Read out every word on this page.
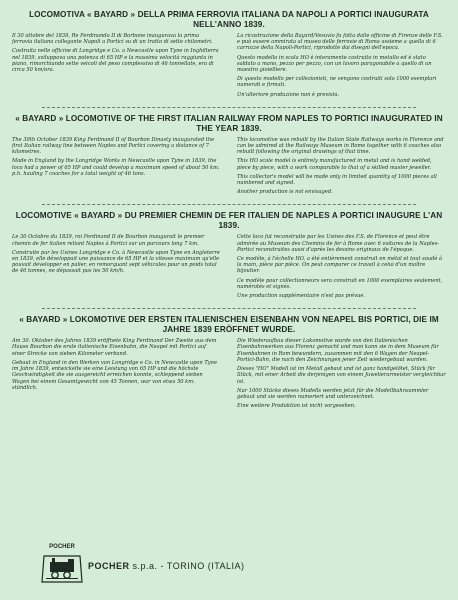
LOCOMOTIVA « BAYARD » DELLA PRIMA FERROVIA ITALIANA DA NAPOLI A PORTICI INAUGURATA NELL'ANNO 1839.

Il 30 ottobre del 1839, Re Ferdinando II di Borbone inaugurava la prima ferrovia italiana collegante Napoli a Portici su di un tratto di sette chilometri.

Costruita nelle officine di Longridge e Co. a Newcastle upon Tyne in Inghilterra nel 1839, sviluppava una potenza di 65 HP e la massima velocità raggiunta in piano, rimorchiando sette veicoli del peso complessivo di 46 tonnellate, era di circa 50 km/ora.

La ricostruzione della Bayard/Vesuvio fu fatta dalle officine di Firenze delle F.S. e può essere ammirata al museo delle ferrovie di Roma assieme a quella di 6 carrozze della Napoli-Portici, riprodotte dai disegni dell'epoca.

Questo modello in scala HO è interamente costruito in metallo ed è stato saldato a mano, pezzo per pezzo, con un lavoro paragonabile a quello di un maestro gioielliere.

Di questo modello per collezionisti, ne vengono costruiti solo 1000 esemplari numerati e firmati.

Un'ulteriore produzione non è prevista.

« BAYARD » LOCOMOTIVE OF THE FIRST ITALIAN RAILWAY FROM NAPLES TO PORTICI INAUGURATED IN THE YEAR 1839.

The 30th October 1839 King Ferdinand II of Bourbon Dinasty inaugurated the first Italian railway line between Naples and Portici covering a distance of 7 kilometres.

Made in England by the Longridge Works in Newcastle upon Tyne in 1839, the loco had a power of 65 HP and could develop a maximum speed of about 50 km. p.h. hauling 7 coaches for a total weight of 46 tons.

This locomotive was rebuilt by the Italian State Railways works in Florence and can be admired at the Railways Museum in Rome together with 6 coaches also rebuilt following the original drawings of that time.

This HO scale model is entirely manufactured in metal and is hand welded, piece by piece, with a work comparable to that of a skilled master jeweller.

This collector's model will be made only in limited quantity of 1000 pieces all numbered and signed.

Another production is not envisaged.

LOCOMOTIVE « BAYARD » DU PREMIER CHEMIN DE FER ITALIEN DE NAPLES A PORTICI INAUGURE L'AN 1839.

Le 30 Octobre du 1839, roi Ferdinand II de Bourbon inaugurait le premier chemin de fer italien reliant Naples à Portici sur un parcours long 7 km.

Construite par les Usines Longridge e Co. à Newcastle upon Tyne en Angleterre en 1839, elle développait une puissance de 65 HP et la vitesse maximum qu'elle pouvait développer en palier, en remorquant sept véhicules pour un poids total de 46 tonnes, ne dépassait pas les 50 km/h.

Cette loco fut reconstruite par les Usines des F.S. de Florence et peut être admirée au Museum des Chemins de fer à Rome avec 6 voitures de la Naples-Portici reconstruites aussi d'après les dessins originaux de l'époque.

Ce modèle, à l'échelle HO, a été entièrement construit en métal et tout soudé à la main, pièce par pièce. On peut comparer ce travail à celui d'un maître bijoutier.

Ce modèle pour collectionneurs sera construit en 1000 exemplaires seulement, numérotés et signés.

Une production supplémentaire n'est pas prévue.

« BAYARD » LOKOMOTIVE DER ERSTEN ITALIENISCHEN EISENBAHN VON NEAPEL BIS PORTICI, DIE IM JAHRE 1839 ERÖFFNET WURDE.

Am 30. Oktober des Jahres 1839 eröffnete King Ferdinand Der Zweite aus dem Hause Bourbon die erste italienische Eisenbahn, die Neapel mit Portici auf einer Strecke von sieben Kilometer verband.

Gebaut in England in den Werken von Longridge e Co. in Newcastle upon Tyne im Jahre 1839, entwickelte sie eine Leistung von 65 HP und die höchste Geschwindigkeit die sie ausgereicht erreichen konnte, schleppend sieben Wagen bei einem Gesamtgewicht von 45 Tonnen, war von etwa 50 km. stündlich.

Die Wiederaufbau dieser Lokomotive wurde von den Italienischen Eisenbahnwerken aus Florenz gemacht und man kann sie in dem Museum für Eisenbahnen in Rom bewundern, zusammen mit den 6 Wagen der Neapel-Portici-Bahn, die nach den Zeichnungen jener Zeit wiedergebaut wurden.

Dieses "HO" Modell ist im Metall gebaut und ist ganz handgelötet, Stück für Stück, mit einer Arbeit die derjenigen von einem Juwelierarmeister vergleichbar ist.

Nur 1000 Stücke dieses Modells werden jetzt für die Modellbahnsammler gebaut und sie werden numeriert und unterzeichnet.

Eine weitere Produktion ist nicht vorgesehen.

POCHER
POCHER s.p.a. - TORINO (ITALIA)
